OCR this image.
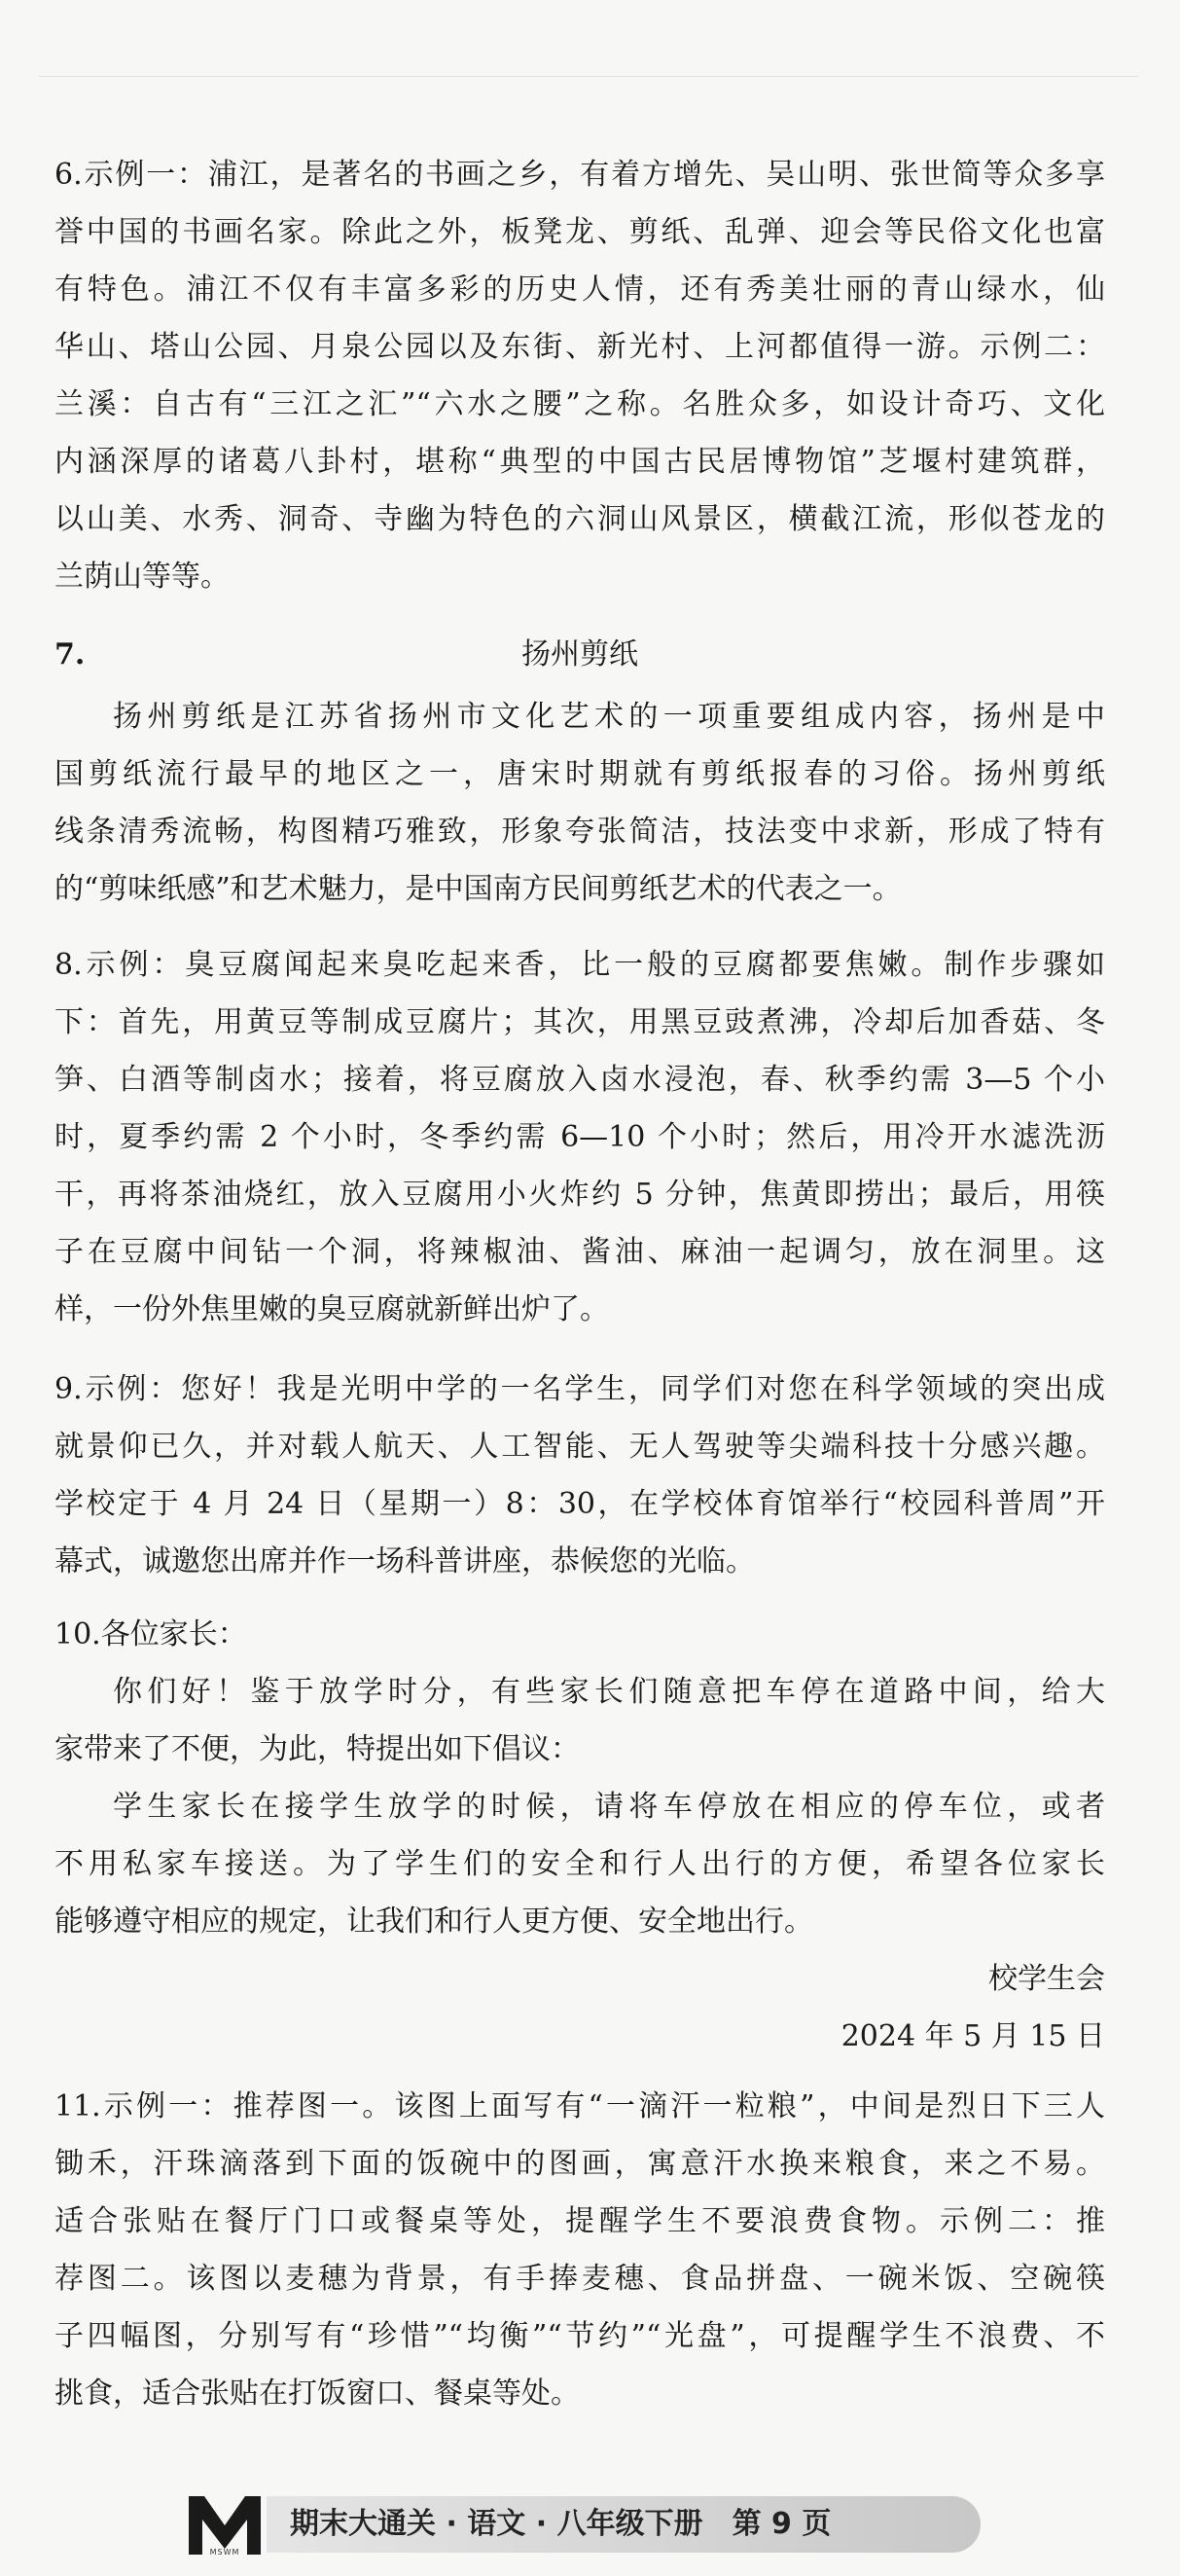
6.示例一：浦江，是著名的书画之乡，有着方增先、吴山明、张世简等众多享
誉中国的书画名家。除此之外，板凳龙、剪纸、乱弹、迎会等民俗文化也富
有特色。浦江不仅有丰富多彩的历史人情，还有秀美壮丽的青山绿水，仙
华山、塔山公园、月泉公园以及东街、新光村、上河都值得一游。示例二：
兰溪：自古有“三江之汇”“六水之腰”之称。名胜众多，如设计奇巧、文化
内涵深厚的诸葛八卦村，堪称“典型的中国古民居博物馆”芝堰村建筑群，
以山美、水秀、洞奇、寺幽为特色的六洞山风景区，横截江流，形似苍龙的
兰荫山等等。
7.	扬州剪纸
扬州剪纸是江苏省扬州市文化艺术的一项重要组成内容，扬州是中
国剪纸流行最早的地区之一，唐宋时期就有剪纸报春的习俗。扬州剪纸
线条清秀流畅，构图精巧雅致，形象夸张简洁，技法变中求新，形成了特有
的“剪味纸感”和艺术魅力，是中国南方民间剪纸艺术的代表之一。
8.示例：臭豆腐闻起来臭吃起来香，比一般的豆腐都要焦嫩。制作步骤如
下：首先，用黄豆等制成豆腐片；其次，用黑豆豉煮沸，冷却后加香菇、冬
笋、白酒等制卤水；接着，将豆腐放入卤水浸泡，春、秋季约需 3—5 个小
时，夏季约需 2 个小时，冬季约需 6—10 个小时；然后，用冷开水滤洗沥
干，再将茶油烧红，放入豆腐用小火炸约 5 分钟，焦黄即捞出；最后，用筷
子在豆腐中间钻一个洞，将辣椒油、酱油、麻油一起调匀，放在洞里。这
样，一份外焦里嫩的臭豆腐就新鲜出炉了。
9.示例：您好！我是光明中学的一名学生，同学们对您在科学领域的突出成
就景仰已久，并对载人航天、人工智能、无人驾驶等尖端科技十分感兴趣。
学校定于 4 月 24 日（星期一）8：30，在学校体育馆举行“校园科普周”开
幕式，诚邀您出席并作一场科普讲座，恭候您的光临。
10.各位家长：
你们好！鉴于放学时分，有些家长们随意把车停在道路中间，给大
家带来了不便，为此，特提出如下倡议：
学生家长在接学生放学的时候，请将车停放在相应的停车位，或者
不用私家车接送。为了学生们的安全和行人出行的方便，希望各位家长
能够遵守相应的规定，让我们和行人更方便、安全地出行。
校学生会
2024 年 5 月 15 日
11.示例一：推荐图一。该图上面写有“一滴汗一粒粮”，中间是烈日下三人
锄禾，汗珠滴落到下面的饭碗中的图画，寓意汗水换来粮食，来之不易。
适合张贴在餐厅门口或餐桌等处，提醒学生不要浪费食物。示例二：推
荐图二。该图以麦穗为背景，有手捧麦穗、食品拼盘、一碗米饭、空碗筷
子四幅图，分别写有“珍惜”“均衡”“节约”“光盘”，可提醒学生不浪费、不
挑食，适合张贴在打饭窗口、餐桌等处。
期末大通关 · 语文 · 八年级下册　第 9 页
MSWM
